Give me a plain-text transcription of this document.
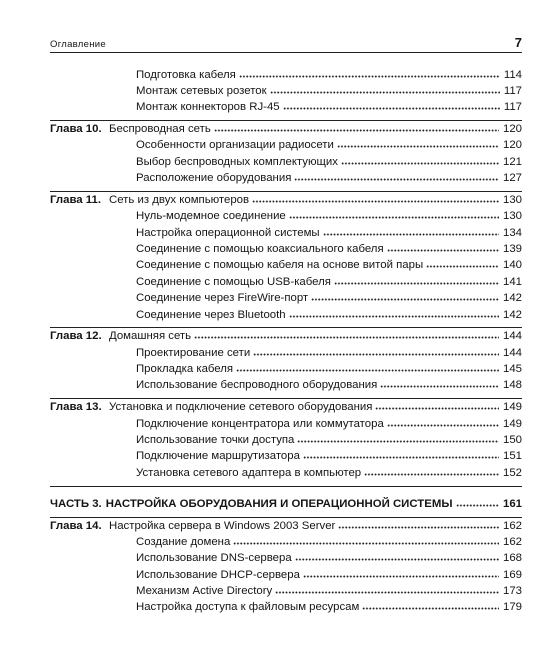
Оглавление	7
Подготовка кабеля	114
Монтаж сетевых розеток	117
Монтаж коннекторов RJ-45	117
Глава 10. Беспроводная сеть	120
Особенности организации радиосети	120
Выбор беспроводных комплектующих	121
Расположение оборудования	127
Глава 11. Сеть из двух компьютеров	130
Нуль-модемное соединение	130
Настройка операционной системы	134
Соединение с помощью коаксиального кабеля	139
Соединение с помощью кабеля на основе витой пары	140
Соединение с помощью USB-кабеля	141
Соединение через FireWire-порт	142
Соединение через Bluetooth	142
Глава 12. Домашняя сеть	144
Проектирование сети	144
Прокладка кабеля	145
Использование беспроводного оборудования	148
Глава 13. Установка и подключение сетевого оборудования	149
Подключение концентратора или коммутатора	149
Использование точки доступа	150
Подключение маршрутизатора	151
Установка сетевого адаптера в компьютер	152
ЧАСТЬ 3. НАСТРОЙКА ОБОРУДОВАНИЯ И ОПЕРАЦИОННОЙ СИСТЕМЫ	161
Глава 14. Настройка сервера в Windows 2003 Server	162
Создание домена	162
Использование DNS-сервера	168
Использование DHCP-сервера	169
Механизм Active Directory	173
Настройка доступа к файловым ресурсам	179
